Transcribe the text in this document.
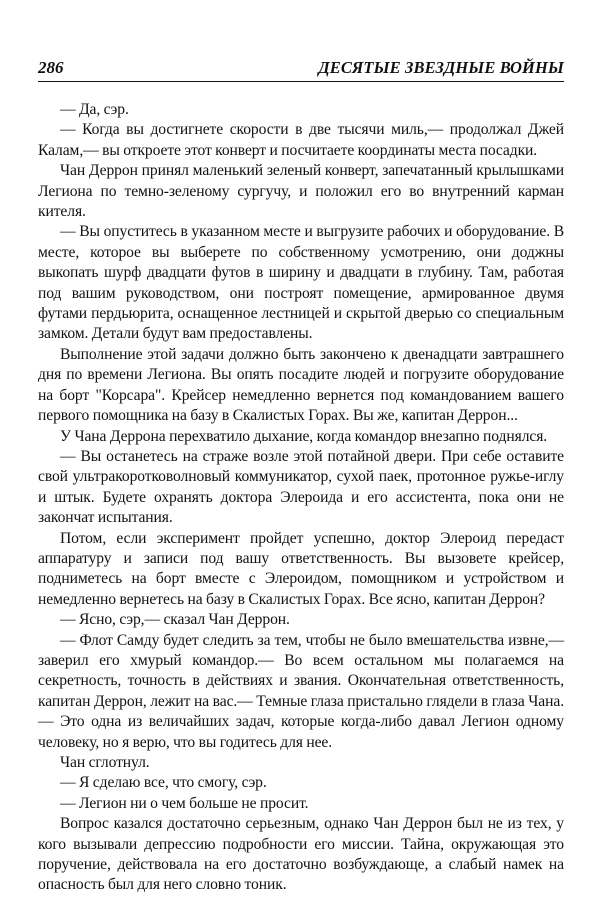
286	ДЕСЯТЫЕ ЗВЕЗДНЫЕ ВОЙНЫ

— Да, сэр.

— Когда вы достигнете скорости в две тысячи миль,— продолжал Джей Калам,— вы откроете этот конверт и посчитаете координаты места посадки.

Чан Деррон принял маленький зеленый конверт, запечатанный крылышками Легиона по темно-зеленому сургучу, и положил его во внутренний карман кителя.

— Вы опуститесь в указанном месте и выгрузите рабочих и оборудование. В месте, которое вы выберете по собственному усмотрению, они доджны выкопать шурф двадцати футов в ширину и двадцати в глубину. Там, работая под вашим руководством, они построят помещение, армированное двумя футами пердьюрита, оснащенное лестницей и скрытой дверью со специальным замком. Детали будут вам предоставлены.

Выполнение этой задачи должно быть закончено к двенадцати завтрашнего дня по времени Легиона. Вы опять посадите людей и погрузите оборудование на борт "Корсара". Крейсер немедленно вернется под командованием вашего первого помощника на базу в Скалистых Горах. Вы же, капитан Деррон...

У Чана Деррона перехватило дыхание, когда командор внезапно поднялся.

— Вы останетесь на страже возле этой потайной двери. При себе оставите свой ультракоротковолновый коммуникатор, сухой паек, протонное ружье-иглу и штык. Будете охранять доктора Элероида и его ассистента, пока они не закончат испытания.

Потом, если эксперимент пройдет успешно, доктор Элероид передаст аппаратуру и записи под вашу ответственность. Вы вызовете крейсер, подниметесь на борт вместе с Элероидом, помощником и устройством и немедленно вернетесь на базу в Скалистых Горах. Все ясно, капитан Деррон?

— Ясно, сэр,— сказал Чан Деррон.

— Флот Самду будет следить за тем, чтобы не было вмешательства извне,— заверил его хмурый командор.— Во всем остальном мы полагаемся на секретность, точность в действиях и звания. Окончательная ответственность, капитан Деррон, лежит на вас.— Темные глаза пристально глядели в глаза Чана.— Это одна из величайших задач, которые когда-либо давал Легион одному человеку, но я верю, что вы годитесь для нее.

Чан сглотнул.

— Я сделаю все, что смогу, сэр.

— Легион ни о чем больше не просит.

Вопрос казался достаточно серьезным, однако Чан Деррон был не из тех, у кого вызывали депрессию подробности его миссии. Тайна, окружающая это поручение, действовала на его достаточно возбуждающе, а слабый намек на опасность был для него словно тоник.
